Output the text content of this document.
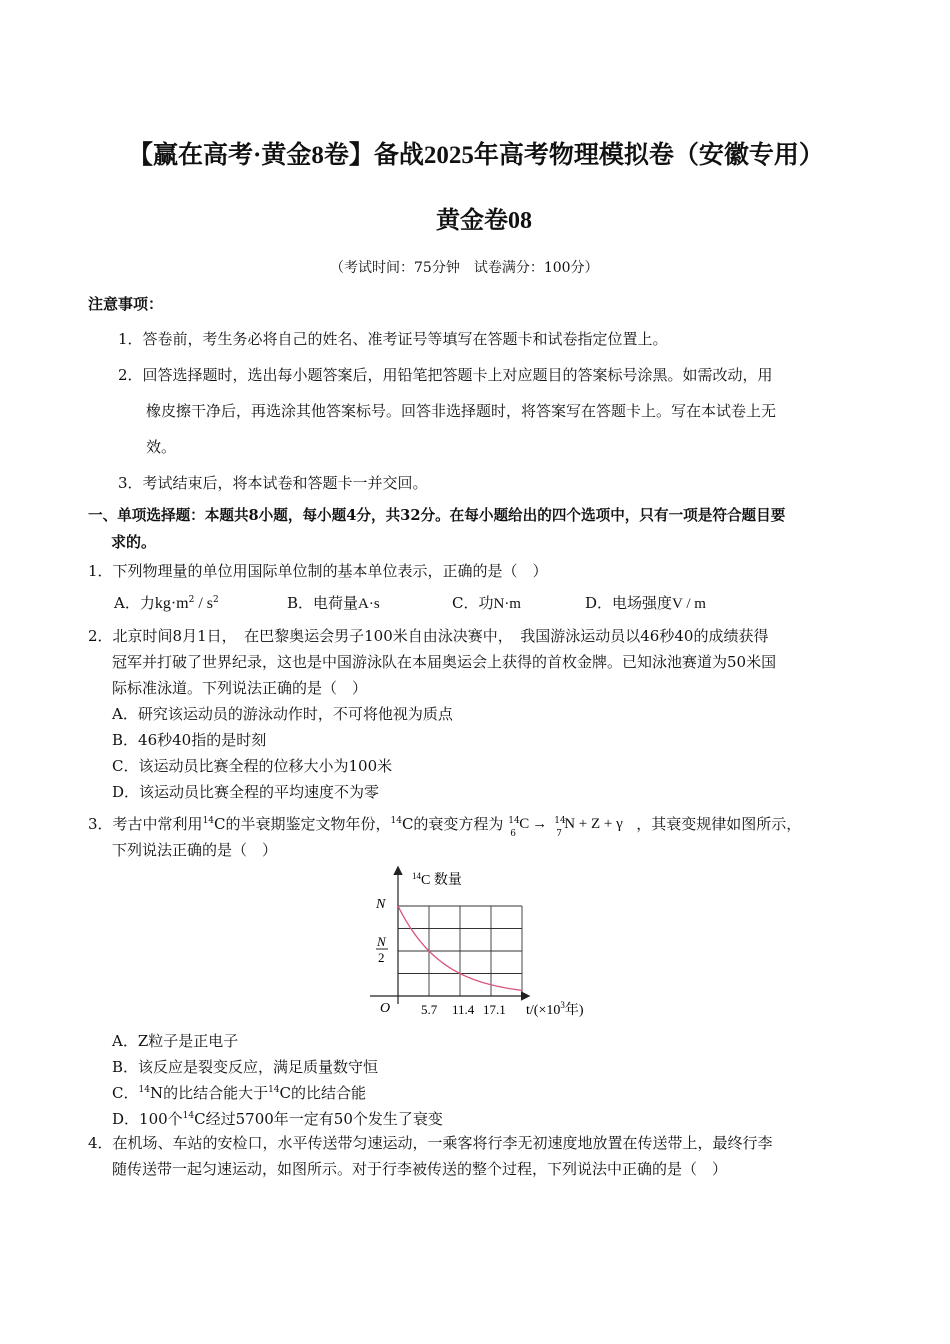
【赢在高考·黄金8卷】备战2025年高考物理模拟卷（安徽专用）
黄金卷08
（考试时间：75分钟　试卷满分：100分）
注意事项：
1．答卷前，考生务必将自己的姓名、准考证号等填写在答题卡和试卷指定位置上。
2．回答选择题时，选出每小题答案后，用铅笔把答题卡上对应题目的答案标号涂黑。如需改动，用
橡皮擦干净后，再选涂其他答案标号。回答非选择题时，将答案写在答题卡上。写在本试卷上无
效。
3．考试结束后，将本试卷和答题卡一并交回。
一、单项选择题：本题共8小题，每小题4分，共32分。在每小题给出的四个选项中，只有一项是符合题目要
求的。
1．下列物理量的单位用国际单位制的基本单位表示，正确的是（　）
A．力$kg\cdot m^2 / s^2$	B．电荷量A·s	C．功N·m	D．电场强度V / m
2．北京时间8月1日，　在巴黎奥运会男子100米自由泳决赛中，　我国游泳运动员以46秒40的成绩获得
冠军并打破了世界纪录，这也是中国游泳队在本届奥运会上获得的首枚金牌。已知泳池赛道为50米国
际标准泳道。下列说法正确的是（　）
A．研究该运动员的游泳动作时，不可将他视为质点
B．46秒40指的是时刻
C．该运动员比赛全程的位移大小为100米
D．该运动员比赛全程的平均速度不为零
3．考古中常利用$^{14}$C的半衰期鉴定文物年份，$^{14}$C的衰变方程为 14
6
C → 14
7
N + Z + γ ，其衰变规律如图所示，
下列说法正确的是（　）
5.7 11.4 17.1
$^{14}$C 数量
N
N
2
O	$t/(\times 10^3$年)
A．Z粒子是正电子
B．该反应是裂变反应，满足质量数守恒
C．$^{14}$N的比结合能大于$^{14}$C的比结合能
D．100个$^{14}$C经过5700年一定有50个发生了衰变
4．在机场、车站的安检口，水平传送带匀速运动，一乘客将行李无初速度地放置在传送带上，最终行李
随传送带一起匀速运动，如图所示。对于行李被传送的整个过程，下列说法中正确的是（　）
